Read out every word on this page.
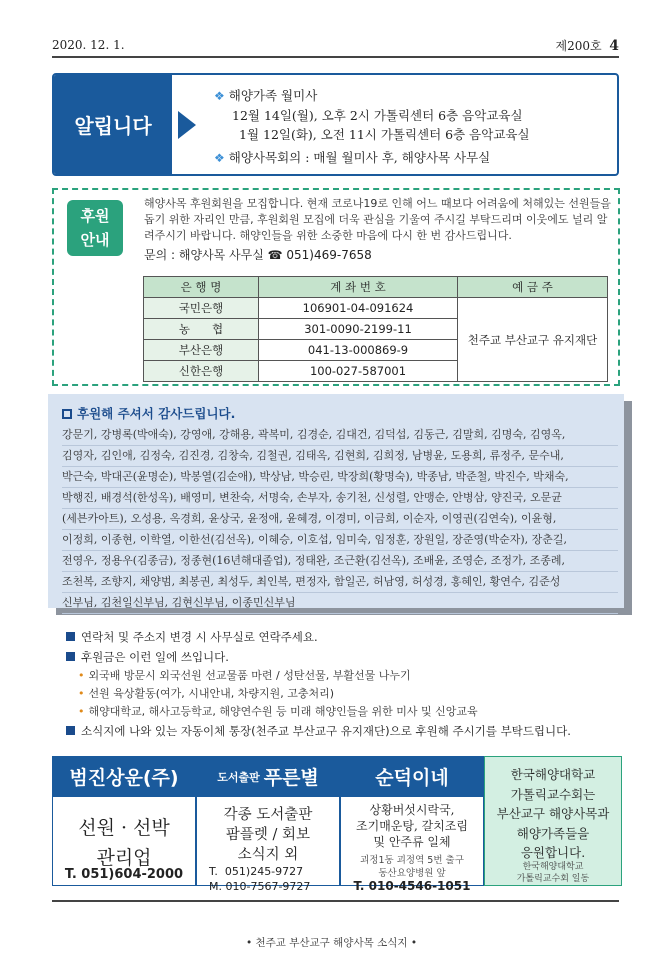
2020. 12. 1.	제200호 4
알립니다
❖ 해양가족 월미사
12월 14일(월), 오후 2시 가톨릭센터 6층 음악교육실
1월 12일(화), 오전 11시 가톨릭센터 6층 음악교육실
❖ 해양사목회의 : 매월 월미사 후, 해양사목 사무실
후원
안내
해양사목 후원회원을 모집합니다. 현재 코로나19로 인해 어느 때보다 어려움에 처해있는 선원들을 돕기 위한 자리인 만큼, 후원회원 모집에 더욱 관심을 기울여 주시길 부탁드리며 이웃에도 널리 알려주시기 바랍니다. 해양인들을 위한 소중한 마음에 다시 한 번 감사드립니다.
문의 : 해양사목 사무실 ☎ 051)469-7658
은 행 명	계 좌 번 호	예 금 주
국민은행	106901-04-091624	천주교 부산교구 유지재단
농      협	301-0090-2199-11	
부산은행	041-13-000869-9	
신한은행	100-027-587001	
후원해 주셔서 감사드립니다.
강문기, 강병록(박애숙), 강영애, 강해용, 곽복미, 김경순, 김대건, 김덕섭, 김동근, 김말희, 김명숙, 김영옥,
김영자, 김인애, 김정숙, 김진경, 김창숙, 김철권, 김태옥, 김현희, 김희정, 남병윤, 도용희, 류정주, 문수내,
박근숙, 박대곤(윤명순), 박봉열(김순애), 박상남, 박승린, 박장희(황명숙), 박종남, 박준철, 박진수, 박채숙,
박행진, 배경석(한성옥), 배영미, 변찬숙, 서명숙, 손부자, 송기천, 신성렬, 안맹순, 안병삼, 양진국, 오문균
(세븐카아트), 오성용, 옥경희, 윤상국, 윤정애, 윤혜경, 이경미, 이금희, 이순자, 이영권(김연숙), 이윤형,
이정희, 이종현, 이학열, 이한선(김선옥), 이혜승, 이호섭, 임미숙, 임정훈, 장원일, 장준영(박순자), 장춘길,
전영우, 정용우(김종금), 정종현(16년해대졸업), 정태완, 조근환(김선옥), 조배윤, 조영순, 조정가, 조종례,
조천복, 조향지, 채양범, 최봉권, 최성두, 최인복, 편정자, 함일곤, 허남영, 허성경, 홍혜인, 황연수, 김준성
신부님, 김천일신부님, 김현신부님, 이종민신부님
연락처 및 주소지 변경 시 사무실로 연락주세요.
후원금은 이런 일에 쓰입니다.
• 외국배 방문시 외국선원 선교물품 마련 / 성탄선물, 부활선물 나누기
• 선원 육상활동(여가, 시내안내, 차량지원, 고충처리)
• 해양대학교, 해사고등학교, 해양연수원 등 미래 해양인들을 위한 미사 및 신앙교육
소식지에 나와 있는 자동이체 통장(천주교 부산교구 유지재단)으로 후원해 주시기를 부탁드립니다.
범진상운(주)
선원 · 선박
관리업
T. 051)604-2000
도서출판 푸른별
각종 도서출판
팜플렛 / 회보
소식지 외
T.  051)245-9727
M. 010-7567-9727
순덕이네
상황버섯시락국,
조기매운탕, 갈치조림
및 안주류 일체
괴정1동 괴정역 5번 출구
동산요양병원 앞
T. 010-4546-1051
한국해양대학교
가톨릭교수회는
부산교구 해양사목과
해양가족들을
응원합니다.
한국해양대학교
가톨릭교수회 일동
• 천주교 부산교구 해양사목 소식지 •
